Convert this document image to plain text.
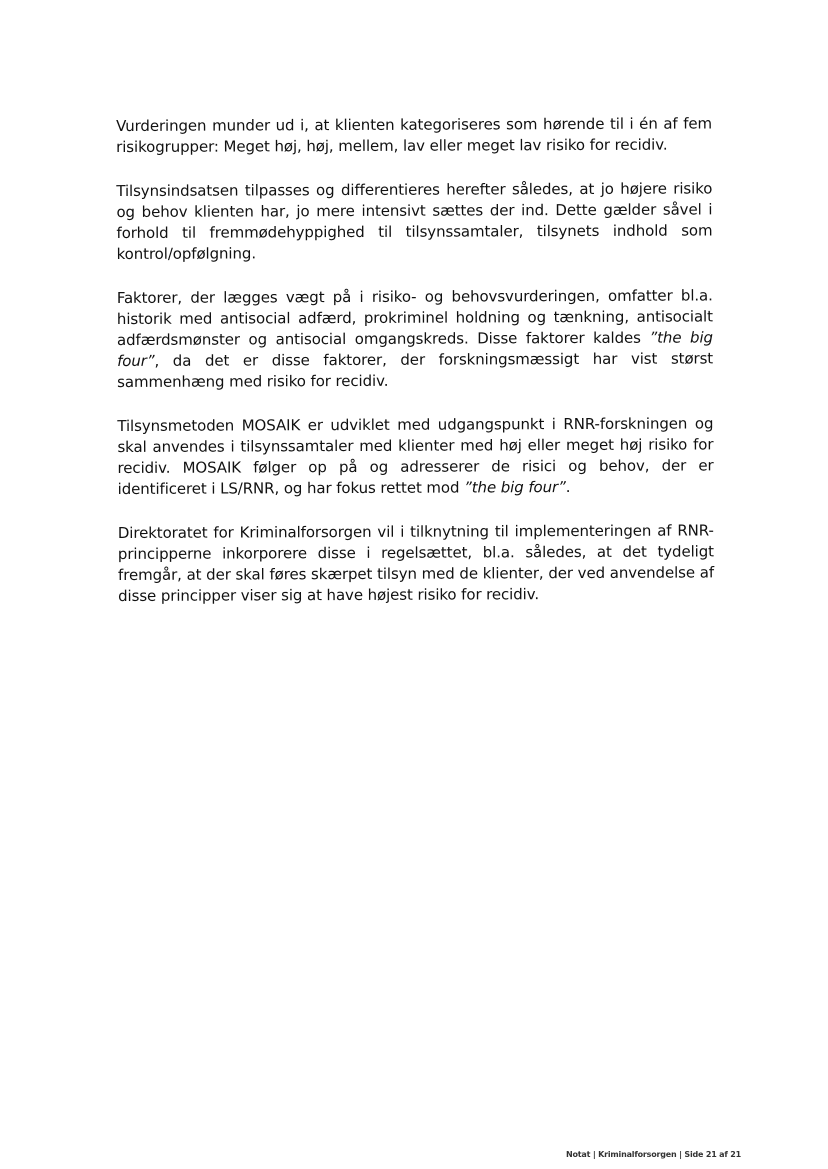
Vurderingen munder ud i, at klienten kategoriseres som hørende til i én af fem risikogrupper: Meget høj, høj, mellem, lav eller meget lav risiko for recidiv.

Tilsynsindsatsen tilpasses og differentieres herefter således, at jo højere risiko og behov klienten har, jo mere intensivt sættes der ind. Dette gælder såvel i forhold til fremmødehyppighed til tilsynssamtaler, tilsynets indhold som kontrol/opfølgning.

Faktorer, der lægges vægt på i risiko- og behovsvurderingen, omfatter bl.a. historik med antisocial adfærd, prokriminel holdning og tænkning, antisocialt adfærdsmønster og antisocial omgangskreds. Disse faktorer kaldes ”the big four”, da det er disse faktorer, der forskningsmæssigt har vist størst sammenhæng med risiko for recidiv.

Tilsynsmetoden MOSAIK er udviklet med udgangspunkt i RNR-forskningen og skal anvendes i tilsynssamtaler med klienter med høj eller meget høj risiko for recidiv. MOSAIK følger op på og adresserer de risici og behov, der er identificeret i LS/RNR, og har fokus rettet mod ”the big four”.

Direktoratet for Kriminalforsorgen vil i tilknytning til implementeringen af RNR-principperne inkorporere disse i regelsættet, bl.a. således, at det tydeligt fremgår, at der skal føres skærpet tilsyn med de klienter, der ved anvendelse af disse principper viser sig at have højest risiko for recidiv.

Notat | Kriminalforsorgen | Side 21 af 21
